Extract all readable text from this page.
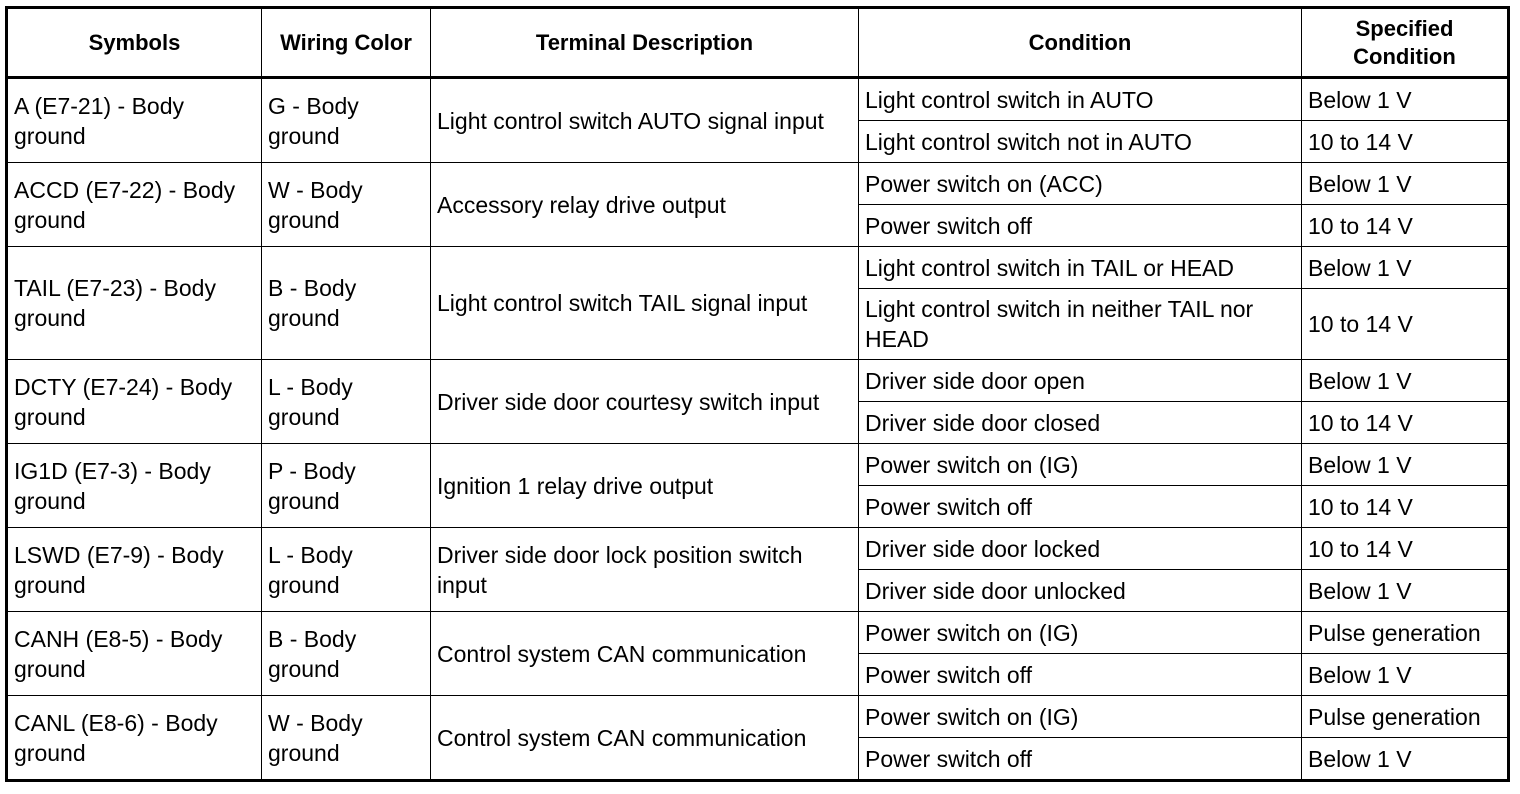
Symbols	Wiring Color	Terminal Description	Condition	Specified Condition
A (E7-21) - Body ground	G - Body ground	Light control switch AUTO signal input	Light control switch in AUTO	Below 1 V
			Light control switch not in AUTO	10 to 14 V
ACCD (E7-22) - Body ground	W - Body ground	Accessory relay drive output	Power switch on (ACC)	Below 1 V
			Power switch off	10 to 14 V
TAIL (E7-23) - Body ground	B - Body ground	Light control switch TAIL signal input	Light control switch in TAIL or HEAD	Below 1 V
			Light control switch in neither TAIL nor HEAD	10 to 14 V
DCTY (E7-24) - Body ground	L - Body ground	Driver side door courtesy switch input	Driver side door open	Below 1 V
			Driver side door closed	10 to 14 V
IG1D (E7-3) - Body ground	P - Body ground	Ignition 1 relay drive output	Power switch on (IG)	Below 1 V
			Power switch off	10 to 14 V
LSWD (E7-9) - Body ground	L - Body ground	Driver side door lock position switch input	Driver side door locked	10 to 14 V
			Driver side door unlocked	Below 1 V
CANH (E8-5) - Body ground	B - Body ground	Control system CAN communication	Power switch on (IG)	Pulse generation
			Power switch off	Below 1 V
CANL (E8-6) - Body ground	W - Body ground	Control system CAN communication	Power switch on (IG)	Pulse generation
			Power switch off	Below 1 V
